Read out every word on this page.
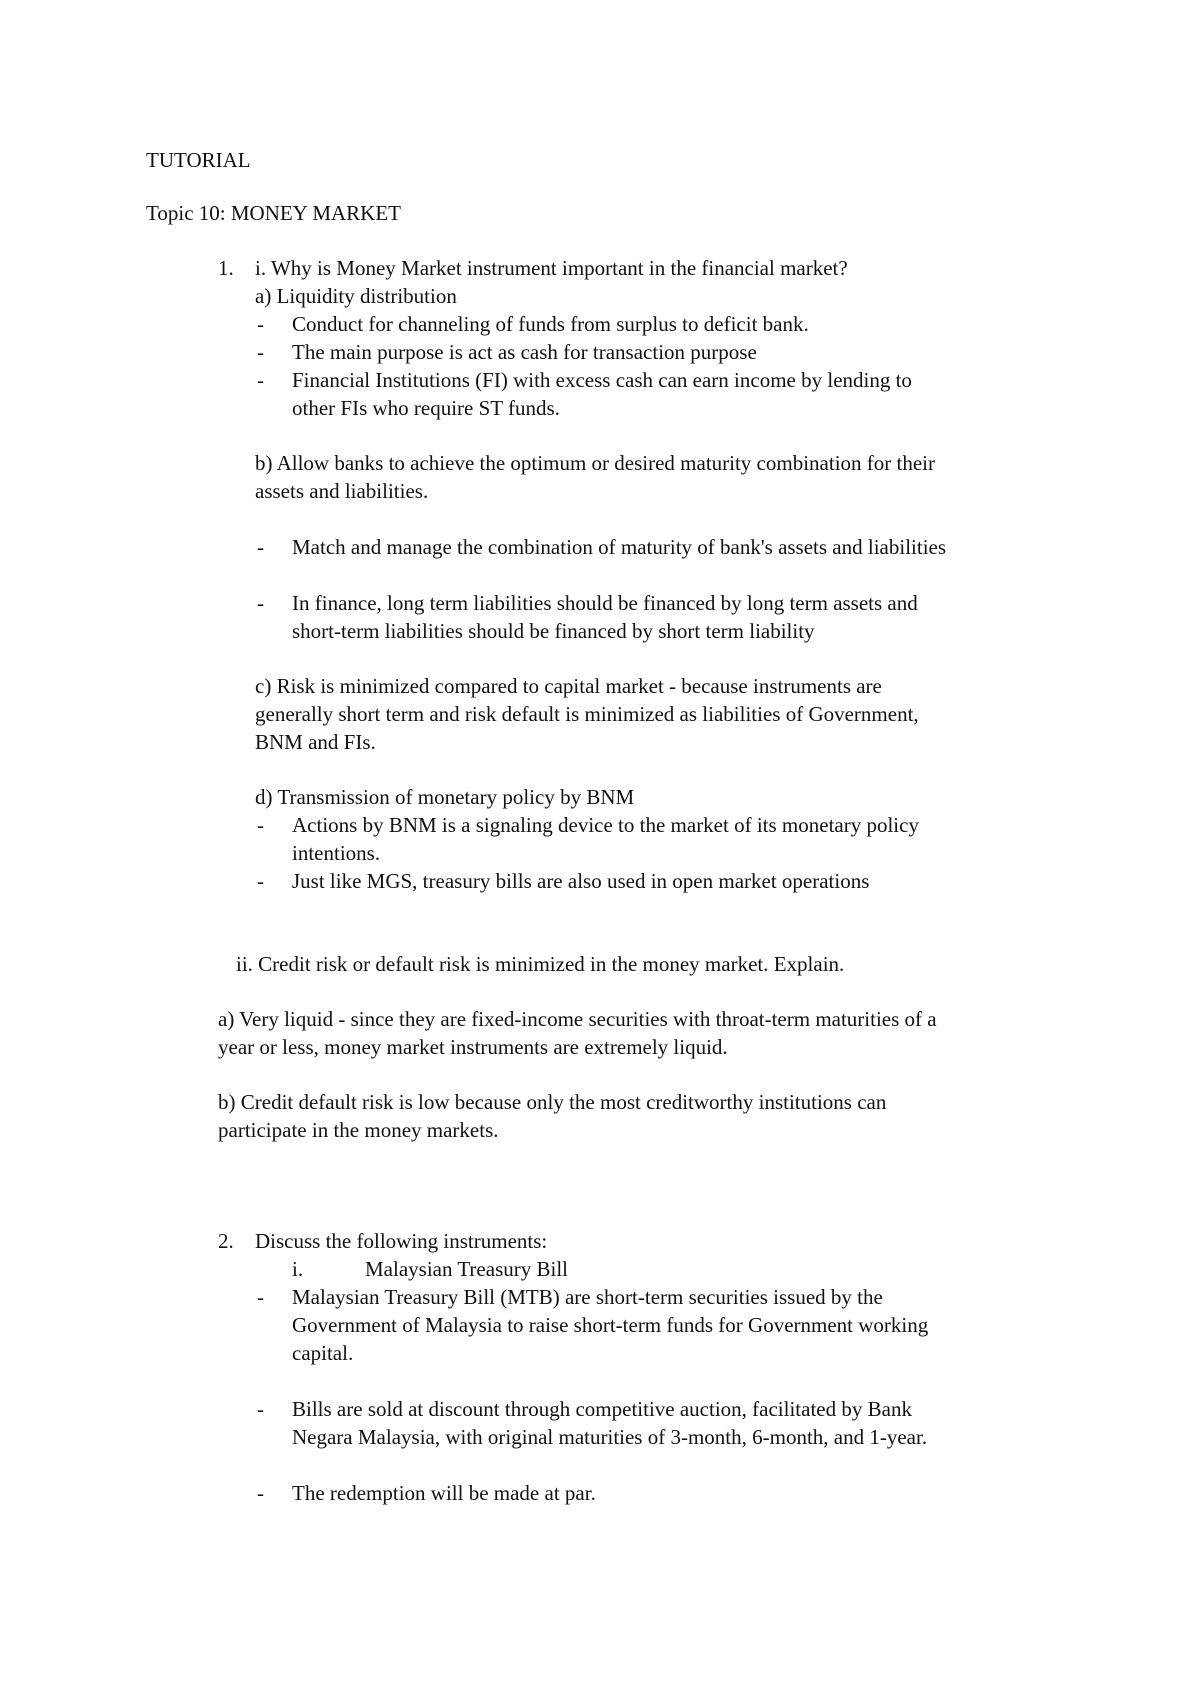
TUTORIAL
Topic 10: MONEY MARKET
1. i. Why is Money Market instrument important in the financial market?
a) Liquidity distribution
- Conduct for channeling of funds from surplus to deficit bank.
- The main purpose is act as cash for transaction purpose
- Financial Institutions (FI) with excess cash can earn income by lending to
other FIs who require ST funds.
b) Allow banks to achieve the optimum or desired maturity combination for their
assets and liabilities.
- Match and manage the combination of maturity of bank's assets and liabilities
- In finance, long term liabilities should be financed by long term assets and
short-term liabilities should be financed by short term liability
c) Risk is minimized compared to capital market - because instruments are
generally short term and risk default is minimized as liabilities of Government,
BNM and FIs.
d) Transmission of monetary policy by BNM
- Actions by BNM is a signaling device to the market of its monetary policy
intentions.
- Just like MGS, treasury bills are also used in open market operations
ii. Credit risk or default risk is minimized in the money market. Explain.
a) Very liquid - since they are fixed-income securities with throat-term maturities of a
year or less, money market instruments are extremely liquid.
b) Credit default risk is low because only the most creditworthy institutions can
participate in the money markets.
2. Discuss the following instruments:
i.	Malaysian Treasury Bill
- Malaysian Treasury Bill (MTB) are short-term securities issued by the
Government of Malaysia to raise short-term funds for Government working
capital.
- Bills are sold at discount through competitive auction, facilitated by Bank
Negara Malaysia, with original maturities of 3-month, 6-month, and 1-year.
- The redemption will be made at par.
